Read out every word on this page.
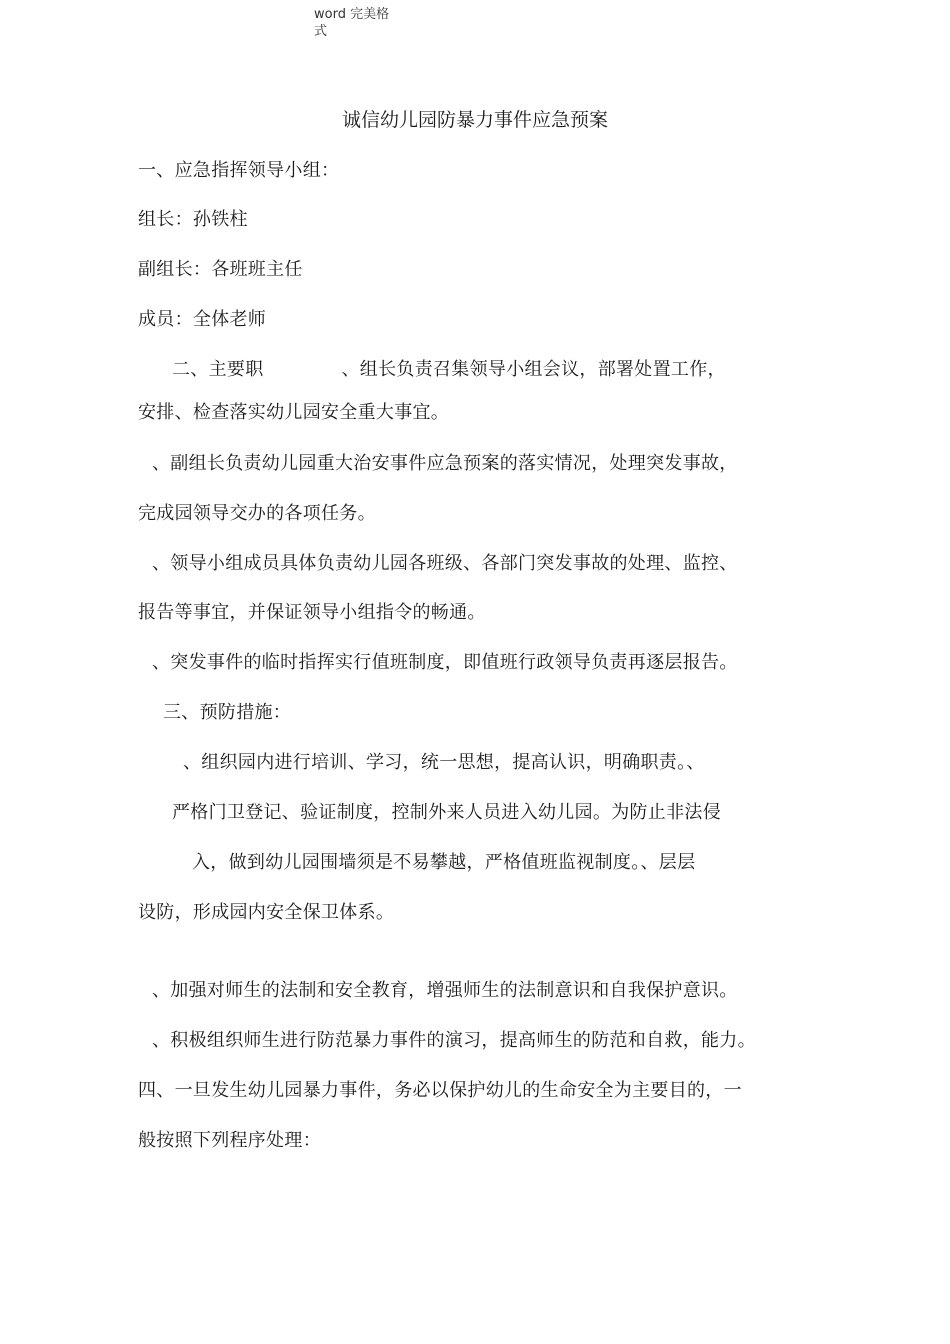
word 完美格式
诚信幼儿园防暴力事件应急预案
一、应急指挥领导小组：
组长：孙铁柱
副组长：各班班主任
成员：全体老师
二、主要职	、组长负责召集领导小组会议，部署处置工作，
安排、检查落实幼儿园安全重大事宜。
、副组长负责幼儿园重大治安事件应急预案的落实情况，处理突发事故，
完成园领导交办的各项任务。
、领导小组成员具体负责幼儿园各班级、各部门突发事故的处理、监控、
报告等事宜，并保证领导小组指令的畅通。
、突发事件的临时指挥实行值班制度，即值班行政领导负责再逐层报告。
三、预防措施：
、组织园内进行培训、学习，统一思想，提高认识，明确职责。、
严格门卫登记、验证制度，控制外来人员进入幼儿园。为防止非法侵
入，做到幼儿园围墙须是不易攀越，严格值班监视制度。、层层
设防，形成园内安全保卫体系。
、加强对师生的法制和安全教育，增强师生的法制意识和自我保护意识。
、积极组织师生进行防范暴力事件的演习，提高师生的防范和自救，能力。
四、一旦发生幼儿园暴力事件，务必以保护幼儿的生命安全为主要目的，一
般按照下列程序处理：
